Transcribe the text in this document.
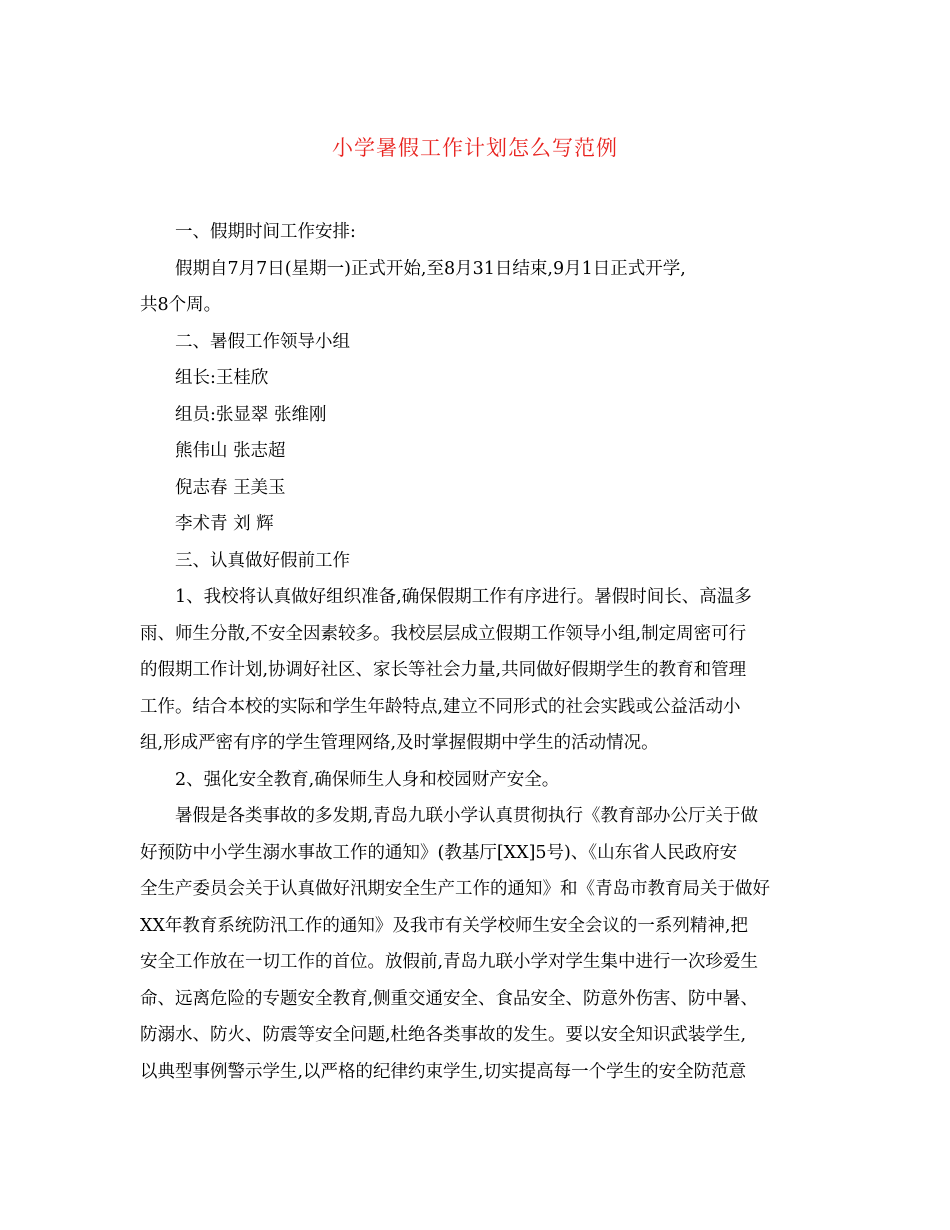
小学暑假工作计划怎么写范例
一、假期时间工作安排:
假期自7月7日(星期一)正式开始,至8月31日结束,9月1日正式开学,
共8个周。
二、暑假工作领导小组
组长:王桂欣
组员:张显翠 张维刚
熊伟山 张志超
倪志春 王美玉
李术青 刘 辉
三、认真做好假前工作
1、我校将认真做好组织准备,确保假期工作有序进行。暑假时间长、高温多
雨、师生分散,不安全因素较多。我校层层成立假期工作领导小组,制定周密可行
的假期工作计划,协调好社区、家长等社会力量,共同做好假期学生的教育和管理
工作。结合本校的实际和学生年龄特点,建立不同形式的社会实践或公益活动小
组,形成严密有序的学生管理网络,及时掌握假期中学生的活动情况。
2、强化安全教育,确保师生人身和校园财产安全。
暑假是各类事故的多发期,青岛九联小学认真贯彻执行《教育部办公厅关于做
好预防中小学生溺水事故工作的通知》(教基厅[XX]5号)、《山东省人民政府安
全生产委员会关于认真做好汛期安全生产工作的通知》和《青岛市教育局关于做好
XX年教育系统防汛工作的通知》及我市有关学校师生安全会议的一系列精神,把
安全工作放在一切工作的首位。放假前,青岛九联小学对学生集中进行一次珍爱生
命、远离危险的专题安全教育,侧重交通安全、食品安全、防意外伤害、防中暑、
防溺水、防火、防震等安全问题,杜绝各类事故的发生。要以安全知识武装学生,
以典型事例警示学生,以严格的纪律约束学生,切实提高每一个学生的安全防范意
